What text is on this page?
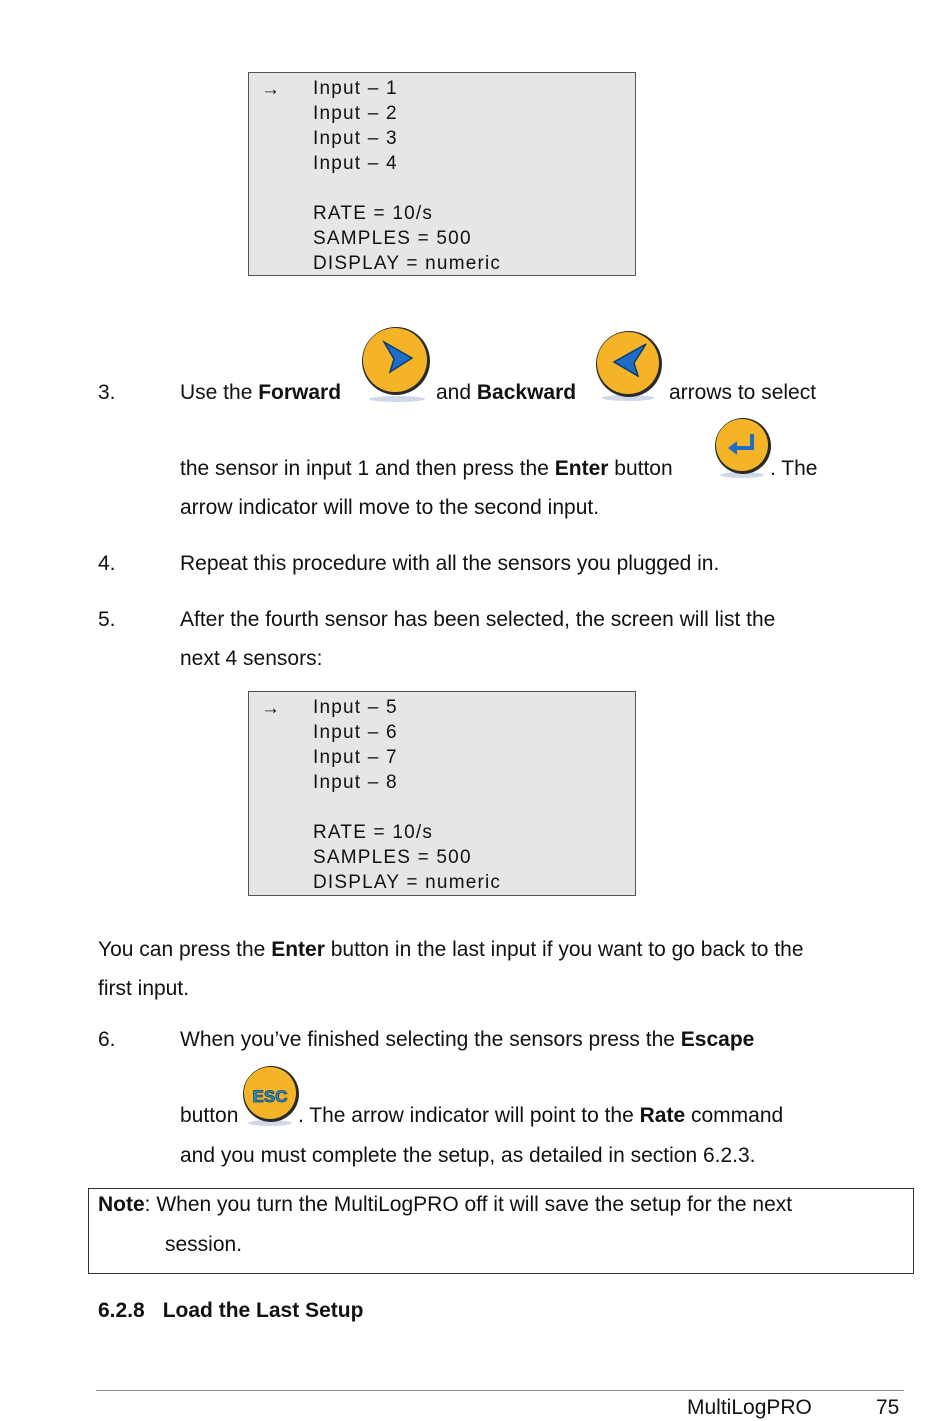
→ Input – 1
Input – 2
Input – 3
Input – 4
RATE = 10/s
SAMPLES = 500
DISPLAY = numeric
3.	Use the Forward	and Backward	arrows to select
the sensor in input 1 and then press the Enter button	. The
arrow indicator will move to the second input.
4.	Repeat this procedure with all the sensors you plugged in.
5.	After the fourth sensor has been selected, the screen will list the
next 4 sensors:
→ Input – 5
Input – 6
Input – 7
Input – 8
RATE = 10/s
SAMPLES = 500
DISPLAY = numeric
You can press the Enter button in the last input if you want to go back to the
first input.
6.	When you’ve finished selecting the sensors press the Escape
button
ESC
. The arrow indicator will point to the Rate command
and you must complete the setup, as detailed in section 6.2.3.
Note: When you turn the MultiLogPRO off it will save the setup for the next
session.
6.2.8 Load the Last Setup
MultiLogPRO	75
